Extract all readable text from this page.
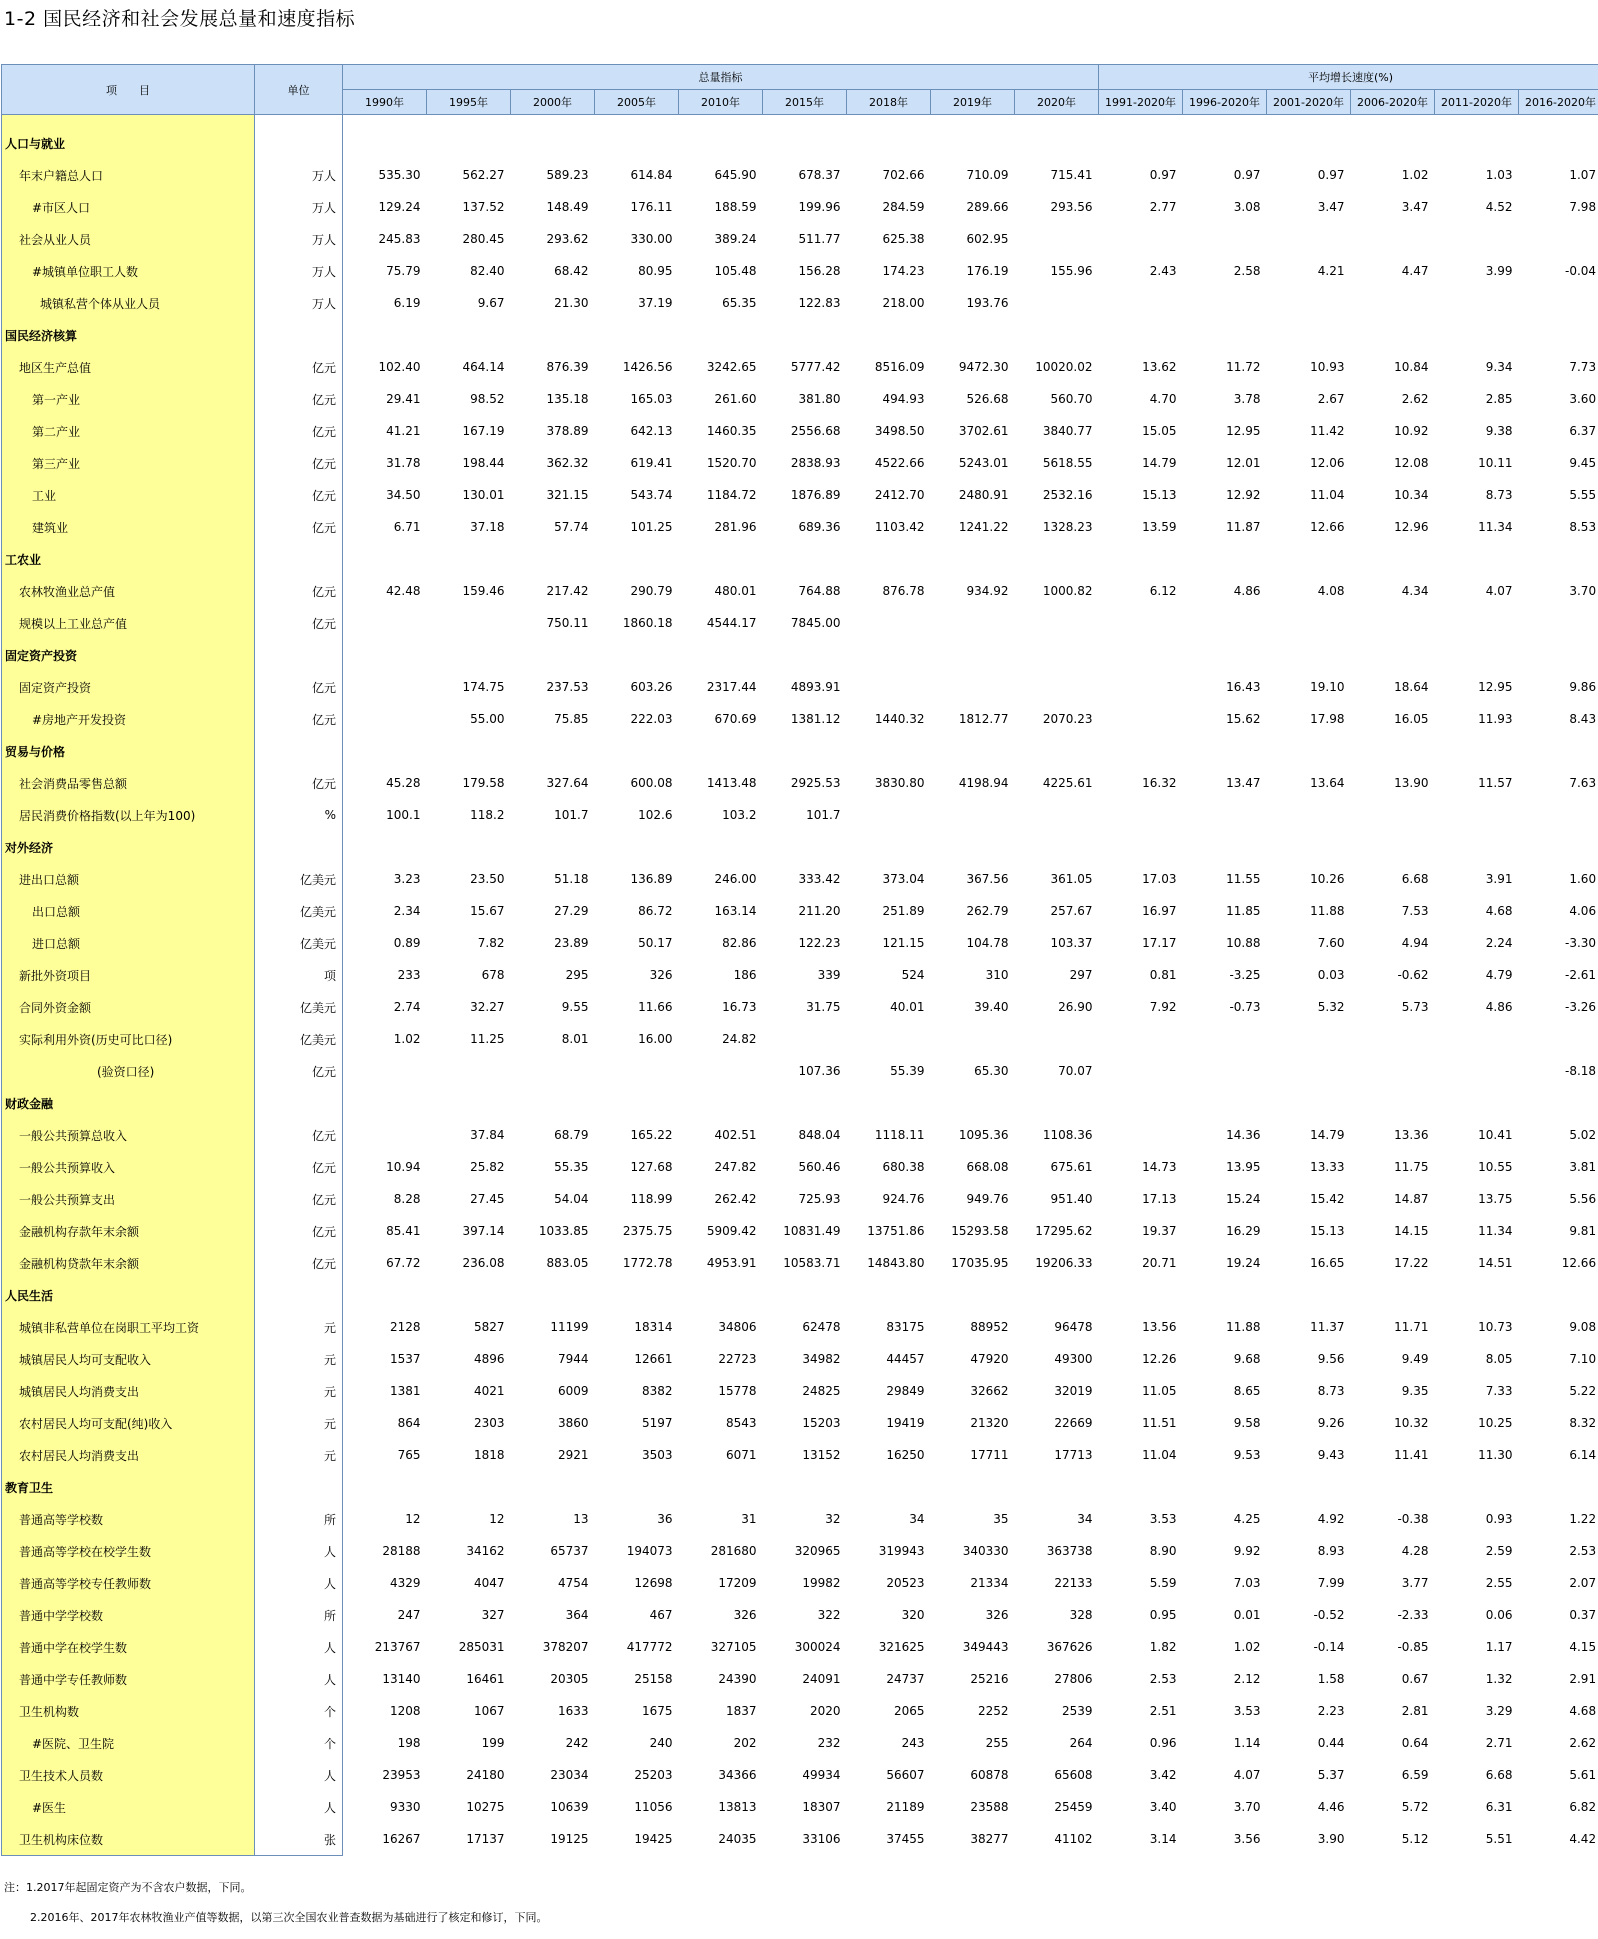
1-2 国民经济和社会发展总量和速度指标
项　　目	单位	总量指标									平均增长速度(%)					
		1990年	1995年	2000年	2005年	2010年	2015年	2018年	2019年	2020年	1991-2020年	1996-2020年	2001-2020年	2006-2020年	2011-2020年	2016-2020年

人口与就业																
年末户籍总人口	万人	535.30	562.27	589.23	614.84	645.90	678.37	702.66	710.09	715.41	0.97	0.97	0.97	1.02	1.03	1.07
#市区人口	万人	129.24	137.52	148.49	176.11	188.59	199.96	284.59	289.66	293.56	2.77	3.08	3.47	3.47	4.52	7.98
社会从业人员	万人	245.83	280.45	293.62	330.00	389.24	511.77	625.38	602.95							
#城镇单位职工人数	万人	75.79	82.40	68.42	80.95	105.48	156.28	174.23	176.19	155.96	2.43	2.58	4.21	4.47	3.99	-0.04
城镇私营个体从业人员	万人	6.19	9.67	21.30	37.19	65.35	122.83	218.00	193.76							
国民经济核算																
地区生产总值	亿元	102.40	464.14	876.39	1426.56	3242.65	5777.42	8516.09	9472.30	10020.02	13.62	11.72	10.93	10.84	9.34	7.73
第一产业	亿元	29.41	98.52	135.18	165.03	261.60	381.80	494.93	526.68	560.70	4.70	3.78	2.67	2.62	2.85	3.60
第二产业	亿元	41.21	167.19	378.89	642.13	1460.35	2556.68	3498.50	3702.61	3840.77	15.05	12.95	11.42	10.92	9.38	6.37
第三产业	亿元	31.78	198.44	362.32	619.41	1520.70	2838.93	4522.66	5243.01	5618.55	14.79	12.01	12.06	12.08	10.11	9.45
工业	亿元	34.50	130.01	321.15	543.74	1184.72	1876.89	2412.70	2480.91	2532.16	15.13	12.92	11.04	10.34	8.73	5.55
建筑业	亿元	6.71	37.18	57.74	101.25	281.96	689.36	1103.42	1241.22	1328.23	13.59	11.87	12.66	12.96	11.34	8.53
工农业																
农林牧渔业总产值	亿元	42.48	159.46	217.42	290.79	480.01	764.88	876.78	934.92	1000.82	6.12	4.86	4.08	4.34	4.07	3.70
规模以上工业总产值	亿元			750.11	1860.18	4544.17	7845.00									
固定资产投资																
固定资产投资	亿元		174.75	237.53	603.26	2317.44	4893.91					16.43	19.10	18.64	12.95	9.86
#房地产开发投资	亿元		55.00	75.85	222.03	670.69	1381.12	1440.32	1812.77	2070.23		15.62	17.98	16.05	11.93	8.43
贸易与价格																
社会消费品零售总额	亿元	45.28	179.58	327.64	600.08	1413.48	2925.53	3830.80	4198.94	4225.61	16.32	13.47	13.64	13.90	11.57	7.63
居民消费价格指数(以上年为100)	%	100.1	118.2	101.7	102.6	103.2	101.7									
对外经济																
进出口总额	亿美元	3.23	23.50	51.18	136.89	246.00	333.42	373.04	367.56	361.05	17.03	11.55	10.26	6.68	3.91	1.60
出口总额	亿美元	2.34	15.67	27.29	86.72	163.14	211.20	251.89	262.79	257.67	16.97	11.85	11.88	7.53	4.68	4.06
进口总额	亿美元	0.89	7.82	23.89	50.17	82.86	122.23	121.15	104.78	103.37	17.17	10.88	7.60	4.94	2.24	-3.30
新批外资项目	项	233	678	295	326	186	339	524	310	297	0.81	-3.25	0.03	-0.62	4.79	-2.61
合同外资金额	亿美元	2.74	32.27	9.55	11.66	16.73	31.75	40.01	39.40	26.90	7.92	-0.73	5.32	5.73	4.86	-3.26
实际利用外资(历史可比口径)	亿美元	1.02	11.25	8.01	16.00	24.82										
(验资口径)	亿元						107.36	55.39	65.30	70.07						-8.18
财政金融																
一般公共预算总收入	亿元		37.84	68.79	165.22	402.51	848.04	1118.11	1095.36	1108.36		14.36	14.79	13.36	10.41	5.02
一般公共预算收入	亿元	10.94	25.82	55.35	127.68	247.82	560.46	680.38	668.08	675.61	14.73	13.95	13.33	11.75	10.55	3.81
一般公共预算支出	亿元	8.28	27.45	54.04	118.99	262.42	725.93	924.76	949.76	951.40	17.13	15.24	15.42	14.87	13.75	5.56
金融机构存款年末余额	亿元	85.41	397.14	1033.85	2375.75	5909.42	10831.49	13751.86	15293.58	17295.62	19.37	16.29	15.13	14.15	11.34	9.81
金融机构贷款年末余额	亿元	67.72	236.08	883.05	1772.78	4953.91	10583.71	14843.80	17035.95	19206.33	20.71	19.24	16.65	17.22	14.51	12.66
人民生活																
城镇非私营单位在岗职工平均工资	元	2128	5827	11199	18314	34806	62478	83175	88952	96478	13.56	11.88	11.37	11.71	10.73	9.08
城镇居民人均可支配收入	元	1537	4896	7944	12661	22723	34982	44457	47920	49300	12.26	9.68	9.56	9.49	8.05	7.10
城镇居民人均消费支出	元	1381	4021	6009	8382	15778	24825	29849	32662	32019	11.05	8.65	8.73	9.35	7.33	5.22
农村居民人均可支配(纯)收入	元	864	2303	3860	5197	8543	15203	19419	21320	22669	11.51	9.58	9.26	10.32	10.25	8.32
农村居民人均消费支出	元	765	1818	2921	3503	6071	13152	16250	17711	17713	11.04	9.53	9.43	11.41	11.30	6.14
教育卫生																
普通高等学校数	所	12	12	13	36	31	32	34	35	34	3.53	4.25	4.92	-0.38	0.93	1.22
普通高等学校在校学生数	人	28188	34162	65737	194073	281680	320965	319943	340330	363738	8.90	9.92	8.93	4.28	2.59	2.53
普通高等学校专任教师数	人	4329	4047	4754	12698	17209	19982	20523	21334	22133	5.59	7.03	7.99	3.77	2.55	2.07
普通中学学校数	所	247	327	364	467	326	322	320	326	328	0.95	0.01	-0.52	-2.33	0.06	0.37
普通中学在校学生数	人	213767	285031	378207	417772	327105	300024	321625	349443	367626	1.82	1.02	-0.14	-0.85	1.17	4.15
普通中学专任教师数	人	13140	16461	20305	25158	24390	24091	24737	25216	27806	2.53	2.12	1.58	0.67	1.32	2.91
卫生机构数	个	1208	1067	1633	1675	1837	2020	2065	2252	2539	2.51	3.53	2.23	2.81	3.29	4.68
#医院、卫生院	个	198	199	242	240	202	232	243	255	264	0.96	1.14	0.44	0.64	2.71	2.62
卫生技术人员数	人	23953	24180	23034	25203	34366	49934	56607	60878	65608	3.42	4.07	5.37	6.59	6.68	5.61
#医生	人	9330	10275	10639	11056	13813	18307	21189	23588	25459	3.40	3.70	4.46	5.72	6.31	6.82
卫生机构床位数	张	16267	17137	19125	19425	24035	33106	37455	38277	41102	3.14	3.56	3.90	5.12	5.51	4.42
注：1.2017年起固定资产为不含农户数据，下同。
2.2016年、2017年农林牧渔业产值等数据，以第三次全国农业普查数据为基础进行了核定和修订，下同。
